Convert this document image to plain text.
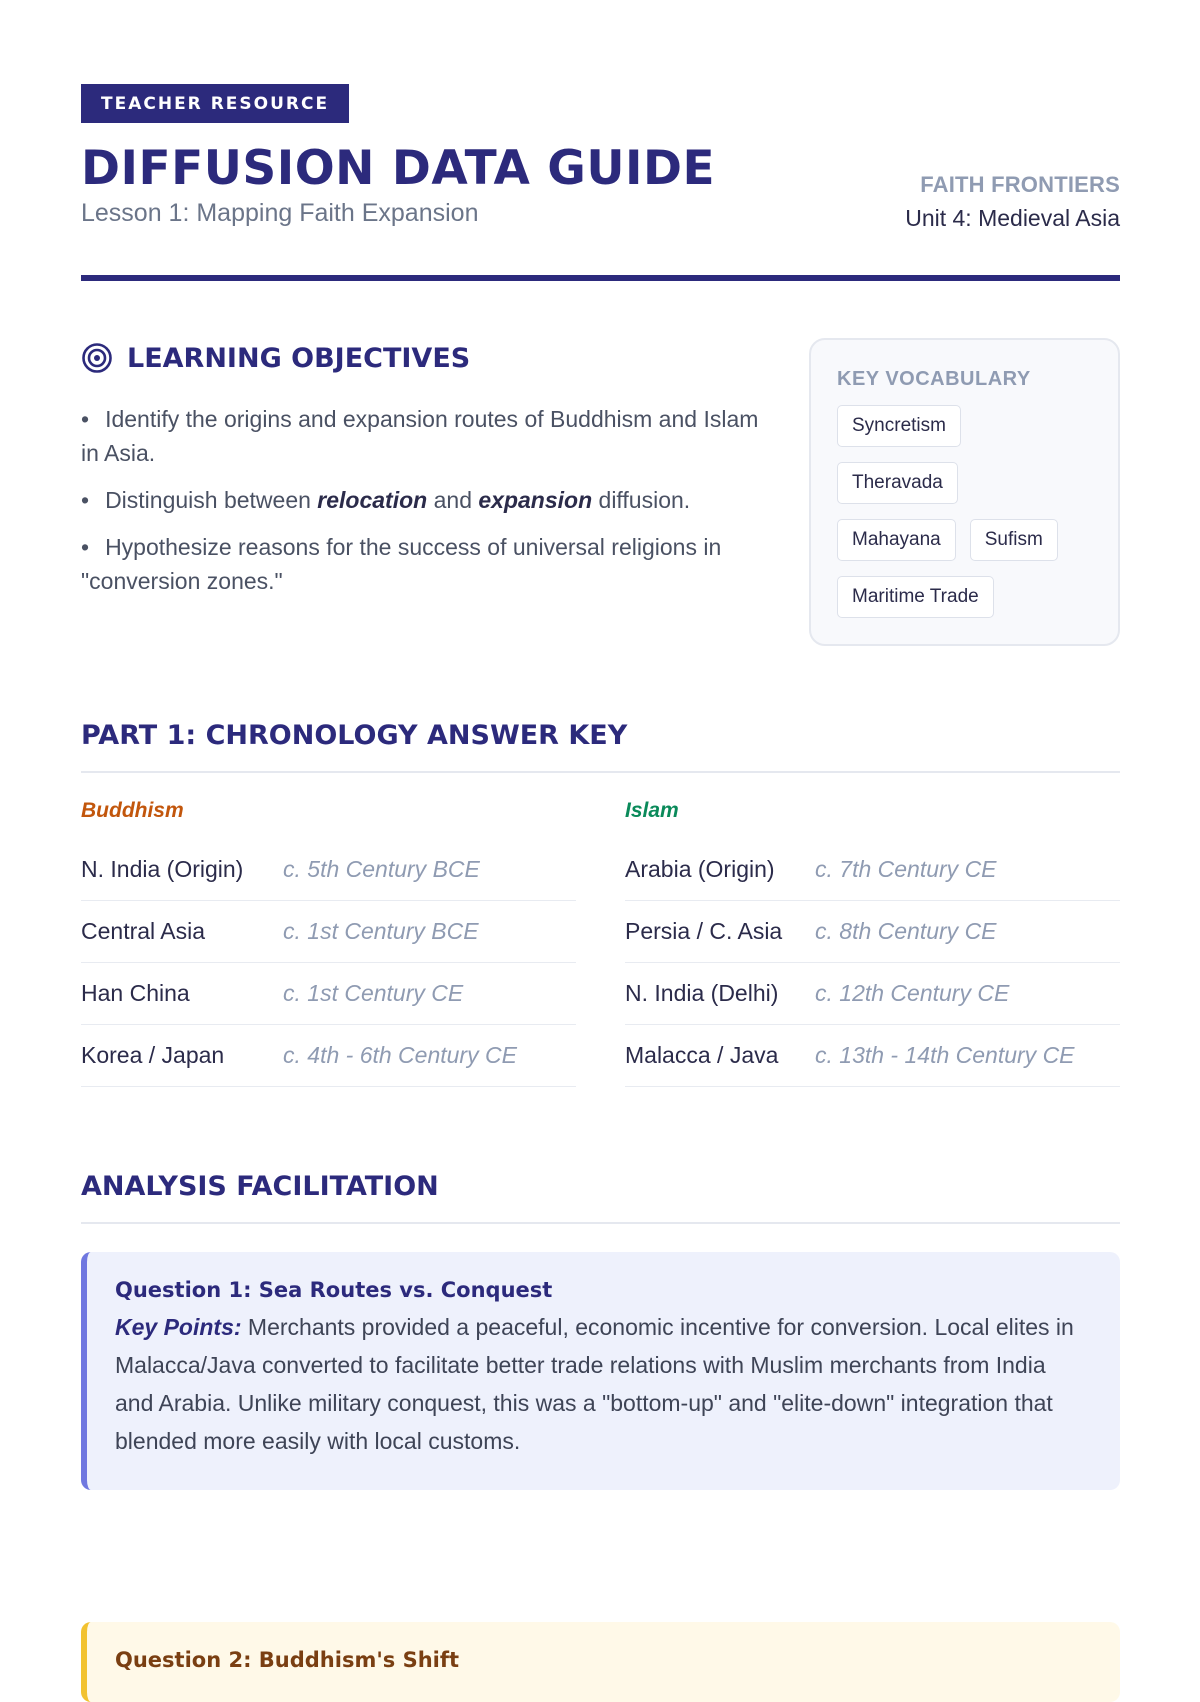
TEACHER RESOURCE
DIFFUSION DATA GUIDE
Lesson 1: Mapping Faith Expansion
FAITH FRONTIERS
Unit 4: Medieval Asia
LEARNING OBJECTIVES
• Identify the origins and expansion routes of Buddhism and Islam in Asia.
• Distinguish between relocation and expansion diffusion.
• Hypothesize reasons for the success of universal religions in "conversion zones."
KEY VOCABULARY
Syncretism
Theravada
Mahayana	Sufism
Maritime Trade
PART 1: CHRONOLOGY ANSWER KEY
Buddhism
N. India (Origin)	c. 5th Century BCE
Central Asia	c. 1st Century BCE
Han China	c. 1st Century CE
Korea / Japan	c. 4th - 6th Century CE
Islam
Arabia (Origin)	c. 7th Century CE
Persia / C. Asia	c. 8th Century CE
N. India (Delhi)	c. 12th Century CE
Malacca / Java	c. 13th - 14th Century CE
ANALYSIS FACILITATION
Question 1: Sea Routes vs. Conquest
Key Points: Merchants provided a peaceful, economic incentive for conversion. Local elites in Malacca/Java converted to facilitate better trade relations with Muslim merchants from India and Arabia. Unlike military conquest, this was a "bottom-up" and "elite-down" integration that blended more easily with local customs.
Question 2: Buddhism's Shift
